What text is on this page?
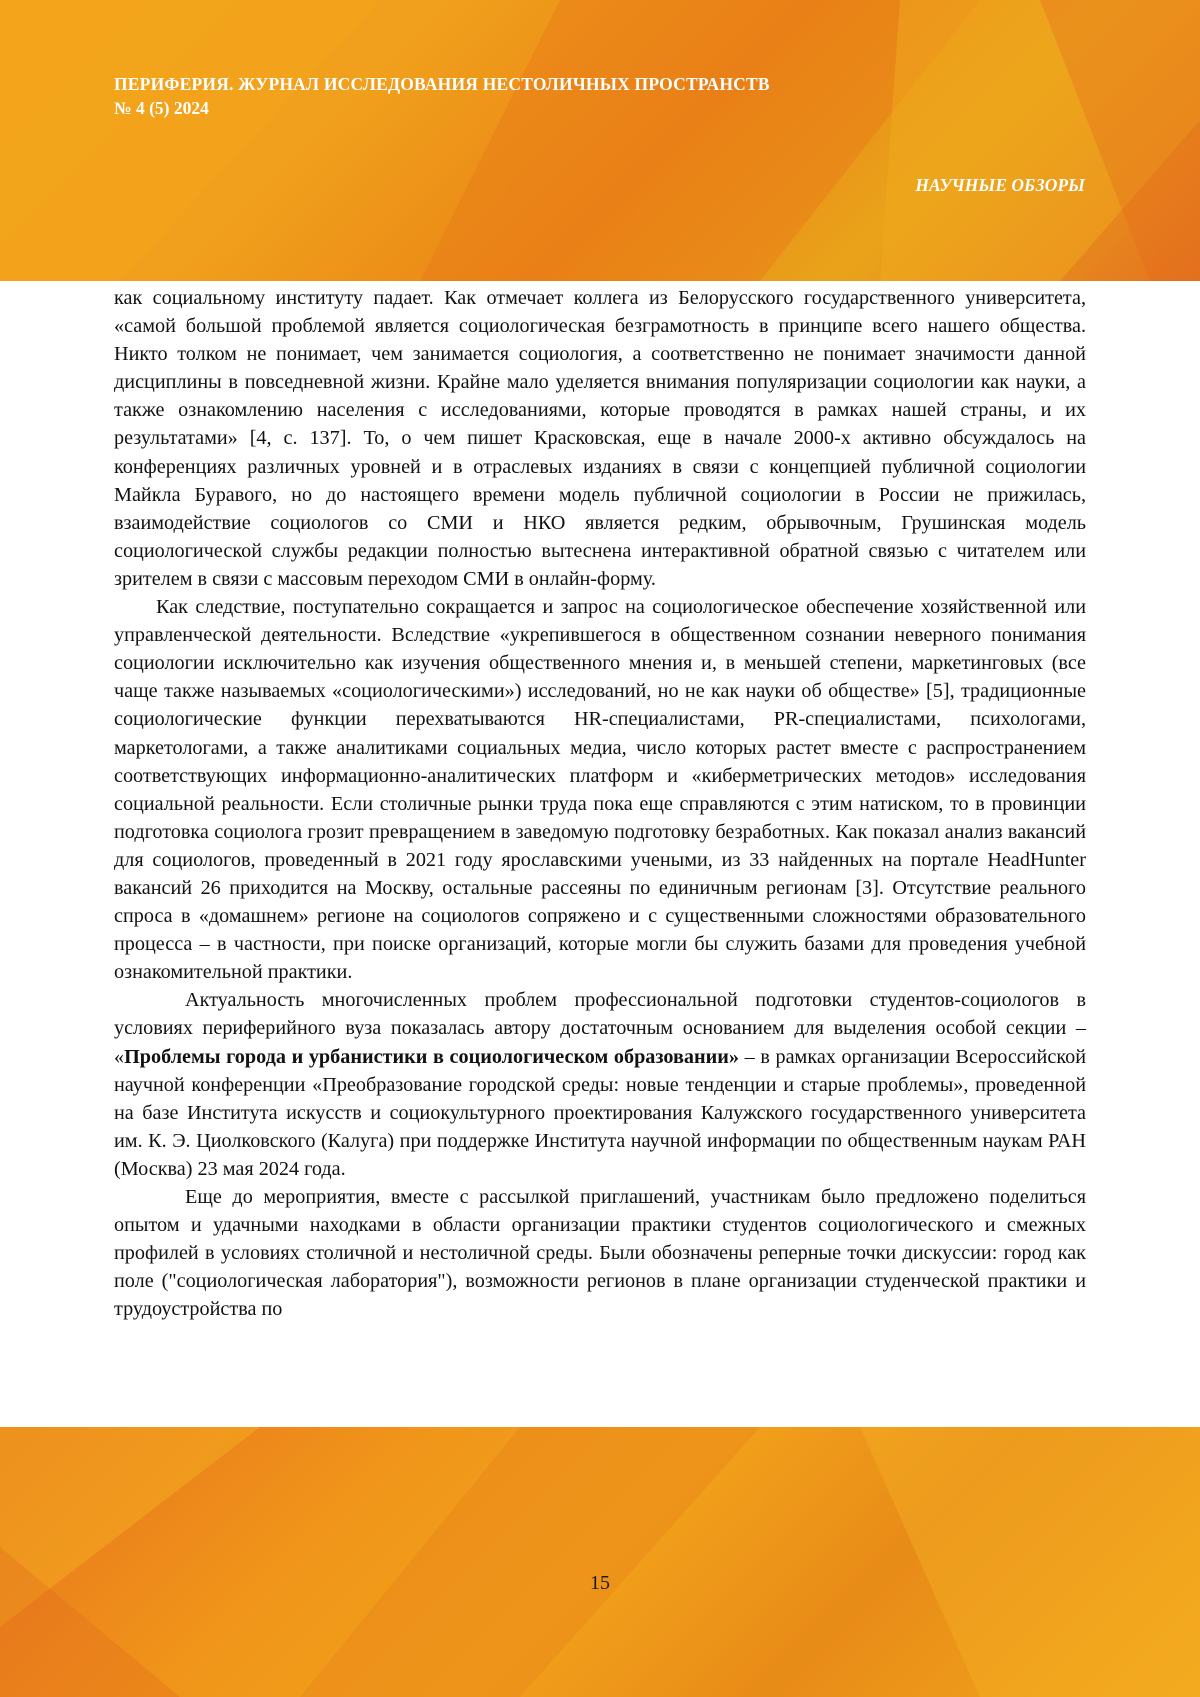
ПЕРИФЕРИЯ. ЖУРНАЛ ИССЛЕДОВАНИЯ НЕСТОЛИЧНЫХ ПРОСТРАНСТВ
№ 4 (5) 2024
НАУЧНЫЕ ОБЗОРЫ

как социальному институту падает. Как отмечает коллега из Белорусского государственного университета, «самой большой проблемой является социологическая безграмотность в принципе всего нашего общества. Никто толком не понимает, чем занимается социология, а соответственно не понимает значимости данной дисциплины в повседневной жизни. Крайне мало уделяется внимания популяризации социологии как науки, а также ознакомлению населения с исследованиями, которые проводятся в рамках нашей страны, и их результатами» [4, с. 137]. То, о чем пишет Красковская, еще в начале 2000-х активно обсуждалось на конференциях различных уровней и в отраслевых изданиях в связи с концепцией публичной социологии Майкла Буравого, но до настоящего времени модель публичной социологии в России не прижилась, взаимодействие социологов со СМИ и НКО является редким, обрывочным, Грушинская модель социологической службы редакции полностью вытеснена интерактивной обратной связью с читателем или зрителем в связи с массовым переходом СМИ в онлайн-форму.

Как следствие, поступательно сокращается и запрос на социологическое обеспечение хозяйственной или управленческой деятельности. Вследствие «укрепившегося в общественном сознании неверного понимания социологии исключительно как изучения общественного мнения и, в меньшей степени, маркетинговых (все чаще также называемых «социологическими») исследований, но не как науки об обществе» [5], традиционные социологические функции перехватываются HR-специалистами, PR-специалистами, психологами, маркетологами, а также аналитиками социальных медиа, число которых растет вместе с распространением соответствующих информационно-аналитических платформ и «киберметрических методов» исследования социальной реальности. Если столичные рынки труда пока еще справляются с этим натиском, то в провинции подготовка социолога грозит превращением в заведомую подготовку безработных. Как показал анализ вакансий для социологов, проведенный в 2021 году ярославскими учеными, из 33 найденных на портале HeadHunter вакансий 26 приходится на Москву, остальные рассеяны по единичным регионам [3]. Отсутствие реального спроса в «домашнем» регионе на социологов сопряжено и с существенными сложностями образовательного процесса – в частности, при поиске организаций, которые могли бы служить базами для проведения учебной ознакомительной практики.

Актуальность многочисленных проблем профессиональной подготовки студентов-социологов в условиях периферийного вуза показалась автору достаточным основанием для выделения особой секции – «Проблемы города и урбанистики в социологическом образовании» – в рамках организации Всероссийской научной конференции «Преобразование городской среды: новые тенденции и старые проблемы», проведенной на базе Института искусств и социокультурного проектирования Калужского государственного университета им. К. Э. Циолковского (Калуга) при поддержке Института научной информации по общественным наукам РАН (Москва) 23 мая 2024 года.

Еще до мероприятия, вместе с рассылкой приглашений, участникам было предложено поделиться опытом и удачными находками в области организации практики студентов социологического и смежных профилей в условиях столичной и нестоличной среды. Были обозначены реперные точки дискуссии: город как поле ("социологическая лаборатория"), возможности регионов в плане организации студенческой практики и трудоустройства по

15
